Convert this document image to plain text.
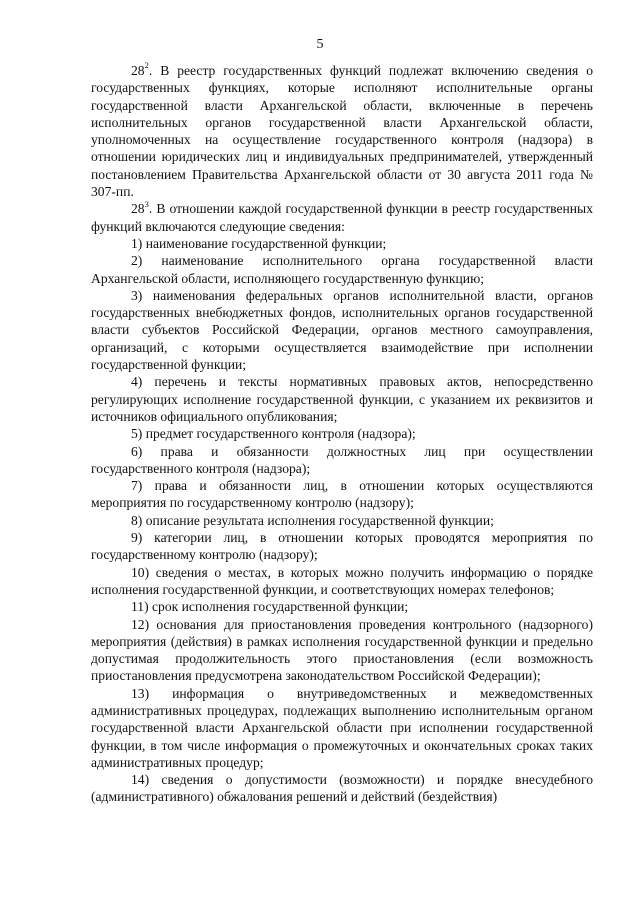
5

$28^2$. В реестр государственных функций подлежат включению сведения о государственных функциях, которые исполняют исполнительные органы государственной власти Архангельской области, включенные в перечень исполнительных органов государственной власти Архангельской области, уполномоченных на осуществление государственного контроля (надзора) в отношении юридических лиц и индивидуальных предпринимателей, утвержденный постановлением Правительства Архангельской области от 30 августа 2011 года № 307-пп.

$28^3$. В отношении каждой государственной функции в реестр государственных функций включаются следующие сведения:

1) наименование государственной функции;

2) наименование исполнительного органа государственной власти Архангельской области, исполняющего государственную функцию;

3) наименования федеральных органов исполнительной власти, органов государственных внебюджетных фондов, исполнительных органов государственной власти субъектов Российской Федерации, органов местного самоуправления, организаций, с которыми осуществляется взаимодействие при исполнении государственной функции;

4) перечень и тексты нормативных правовых актов, непосредственно регулирующих исполнение государственной функции, с указанием их реквизитов и источников официального опубликования;

5) предмет государственного контроля (надзора);

6) права и обязанности должностных лиц при осуществлении государственного контроля (надзора);

7) права и обязанности лиц, в отношении которых осуществляются мероприятия по государственному контролю (надзору);

8) описание результата исполнения государственной функции;

9) категории лиц, в отношении которых проводятся мероприятия по государственному контролю (надзору);

10) сведения о местах, в которых можно получить информацию о порядке исполнения государственной функции, и соответствующих номерах телефонов;

11) срок исполнения государственной функции;

12) основания для приостановления проведения контрольного (надзорного) мероприятия (действия) в рамках исполнения государственной функции и предельно допустимая продолжительность этого приостановления (если возможность приостановления предусмотрена законодательством Российской Федерации);

13) информация о внутриведомственных и межведомственных административных процедурах, подлежащих выполнению исполнительным органом государственной власти Архангельской области при исполнении государственной функции, в том числе информация о промежуточных и окончательных сроках таких административных процедур;

14) сведения о допустимости (возможности) и порядке внесудебного (административного) обжалования решений и действий (бездействия)
